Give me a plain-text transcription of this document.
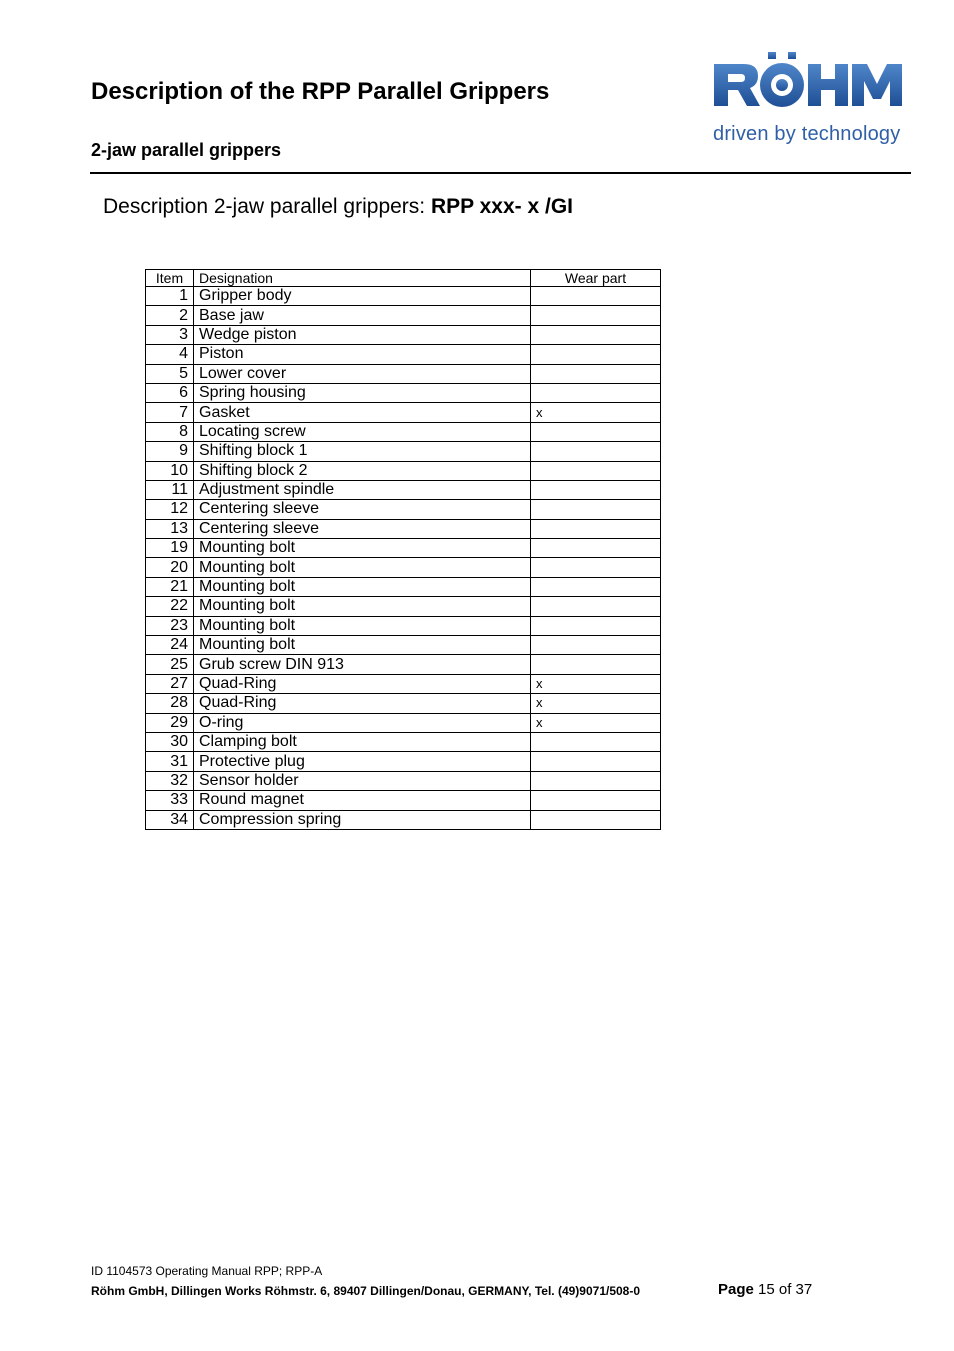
Description of the RPP Parallel Grippers
2-jaw parallel grippers
driven by technology
Description 2-jaw parallel grippers: RPP xxx- x /GI
Item	Designation	Wear part
1	Gripper body	
2	Base jaw	
3	Wedge piston	
4	Piston	
5	Lower cover	
6	Spring housing	
7	Gasket	x
8	Locating screw	
9	Shifting block 1	
10	Shifting block 2	
11	Adjustment spindle	
12	Centering sleeve	
13	Centering sleeve	
19	Mounting bolt	
20	Mounting bolt	
21	Mounting bolt	
22	Mounting bolt	
23	Mounting bolt	
24	Mounting bolt	
25	Grub screw DIN 913	
27	Quad-Ring	x
28	Quad-Ring	x
29	O-ring	x
30	Clamping bolt	
31	Protective plug	
32	Sensor holder	
33	Round magnet	
34	Compression spring	
ID 1104573 Operating Manual RPP; RPP-A
Röhm GmbH, Dillingen Works Röhmstr. 6, 89407 Dillingen/Donau, GERMANY, Tel. (49)9071/508-0	Page 15 of 37
